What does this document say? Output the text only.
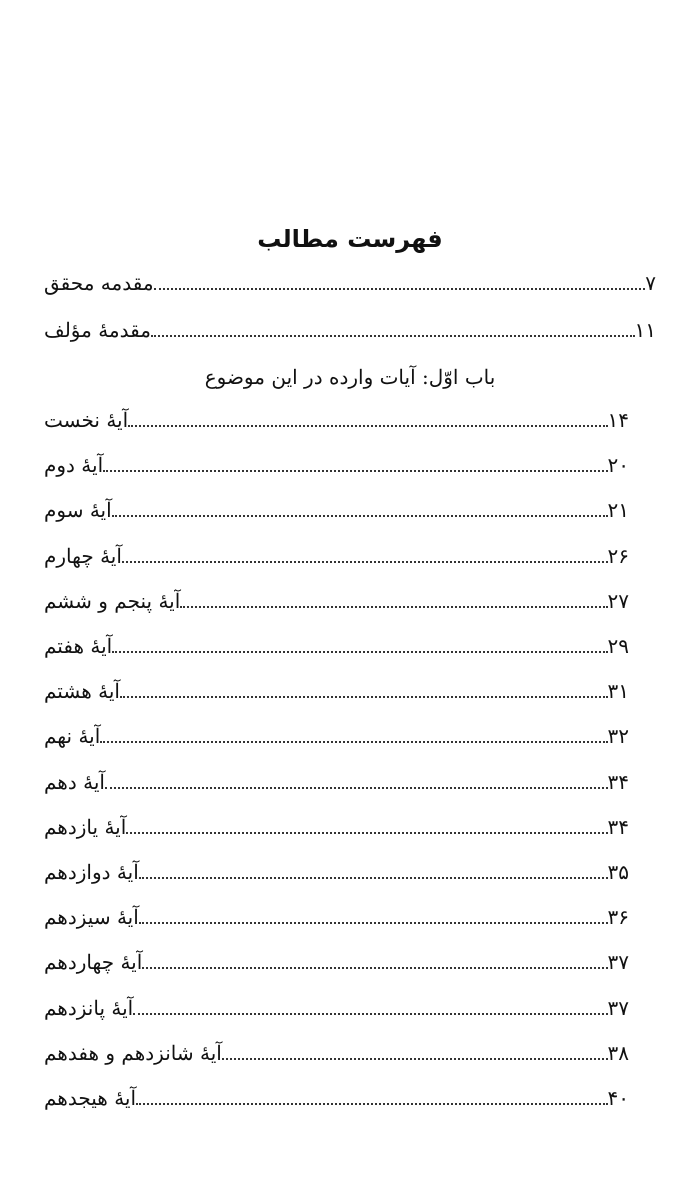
فهرست مطالب
مقدمه محقق	۷
مقدمهٔ مؤلف	۱۱
باب اوّل: آیات وارده در این موضوع
آیهٔ نخست	۱۴
آیهٔ دوم	۲۰
آیهٔ سوم	۲۱
آیهٔ چهارم	۲۶
آیهٔ پنجم و ششم	۲۷
آیهٔ هفتم	۲۹
آیهٔ هشتم	۳۱
آیهٔ نهم	۳۲
آیهٔ دهم	۳۴
آیهٔ یازدهم	۳۴
آیهٔ دوازدهم	۳۵
آیهٔ سیزدهم	۳۶
آیهٔ چهاردهم	۳۷
آیهٔ پانزدهم	۳۷
آیهٔ شانزدهم و هفدهم	۳۸
آیهٔ هیجدهم	۴۰
